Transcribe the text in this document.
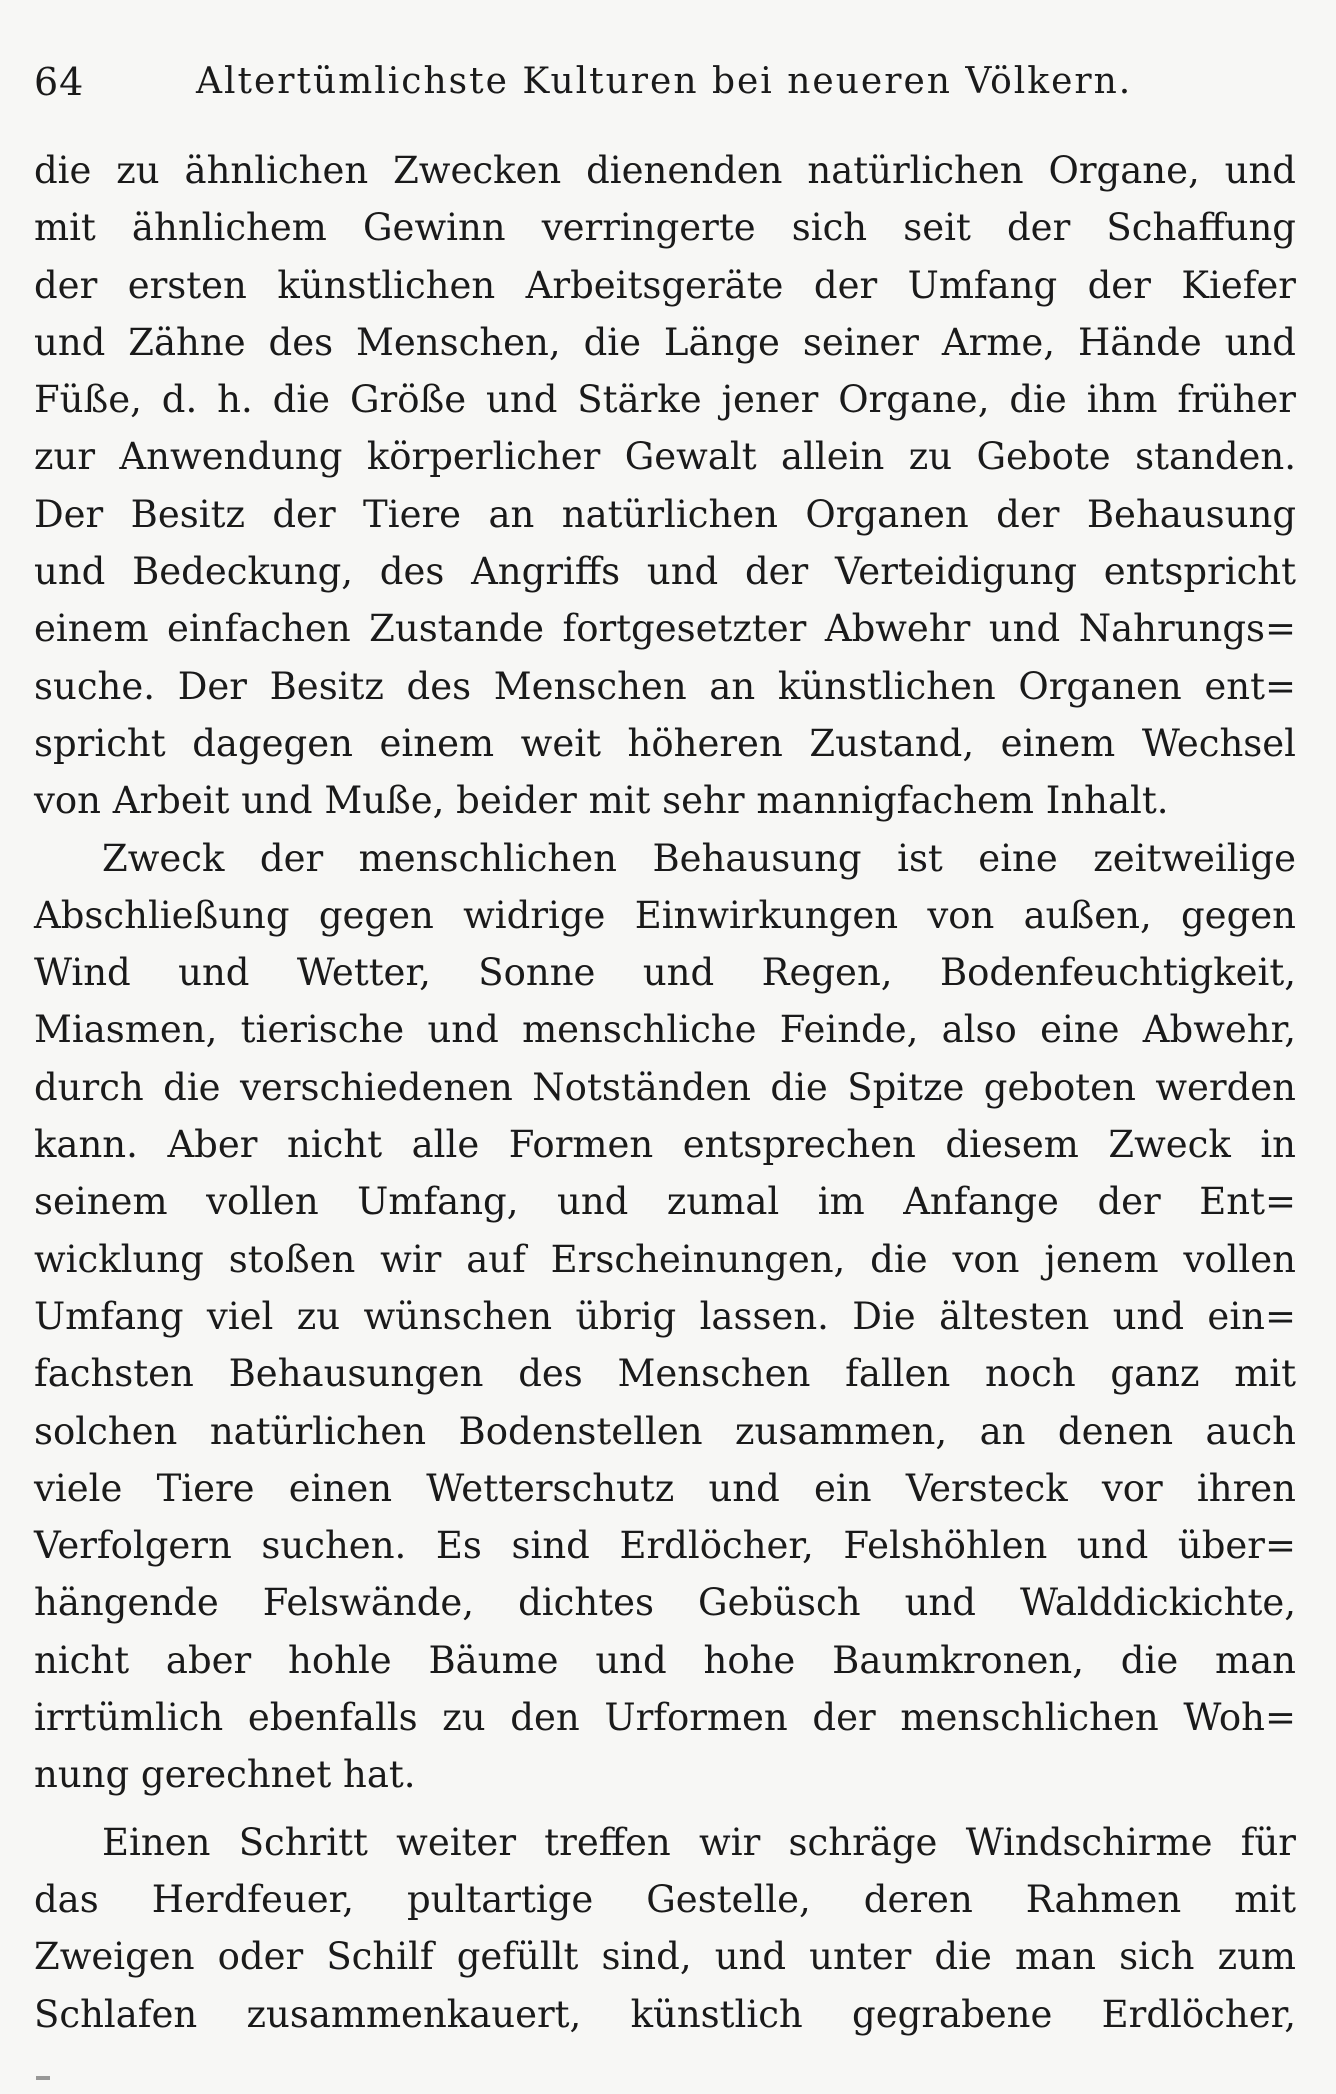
64	Altertümlichste Kulturen bei neueren Völkern.
die zu ähnlichen Zwecken dienenden natürlichen Organe, und
mit ähnlichem Gewinn verringerte sich seit der Schaffung
der ersten künstlichen Arbeitsgeräte der Umfang der Kiefer
und Zähne des Menschen, die Länge seiner Arme, Hände und
Füße, d. h. die Größe und Stärke jener Organe, die ihm früher
zur Anwendung körperlicher Gewalt allein zu Gebote standen.
Der Besitz der Tiere an natürlichen Organen der Behausung
und Bedeckung, des Angriffs und der Verteidigung entspricht
einem einfachen Zustande fortgesetzter Abwehr und Nahrungs=
suche. Der Besitz des Menschen an künstlichen Organen ent=
spricht dagegen einem weit höheren Zustand, einem Wechsel
von Arbeit und Muße, beider mit sehr mannigfachem Inhalt.
Zweck der menschlichen Behausung ist eine zeitweilige
Abschließung gegen widrige Einwirkungen von außen, gegen
Wind und Wetter, Sonne und Regen, Bodenfeuchtigkeit,
Miasmen, tierische und menschliche Feinde, also eine Abwehr,
durch die verschiedenen Notständen die Spitze geboten werden
kann. Aber nicht alle Formen entsprechen diesem Zweck in
seinem vollen Umfang, und zumal im Anfange der Ent=
wicklung stoßen wir auf Erscheinungen, die von jenem vollen
Umfang viel zu wünschen übrig lassen. Die ältesten und ein=
fachsten Behausungen des Menschen fallen noch ganz mit
solchen natürlichen Bodenstellen zusammen, an denen auch
viele Tiere einen Wetterschutz und ein Versteck vor ihren
Verfolgern suchen. Es sind Erdlöcher, Felshöhlen und über=
hängende Felswände, dichtes Gebüsch und Walddickichte,
nicht aber hohle Bäume und hohe Baumkronen, die man
irrtümlich ebenfalls zu den Urformen der menschlichen Woh=
nung gerechnet hat.
Einen Schritt weiter treffen wir schräge Windschirme für
das Herdfeuer, pultartige Gestelle, deren Rahmen mit
Zweigen oder Schilf gefüllt sind, und unter die man sich zum
Schlafen zusammenkauert, künstlich gegrabene Erdlöcher,
